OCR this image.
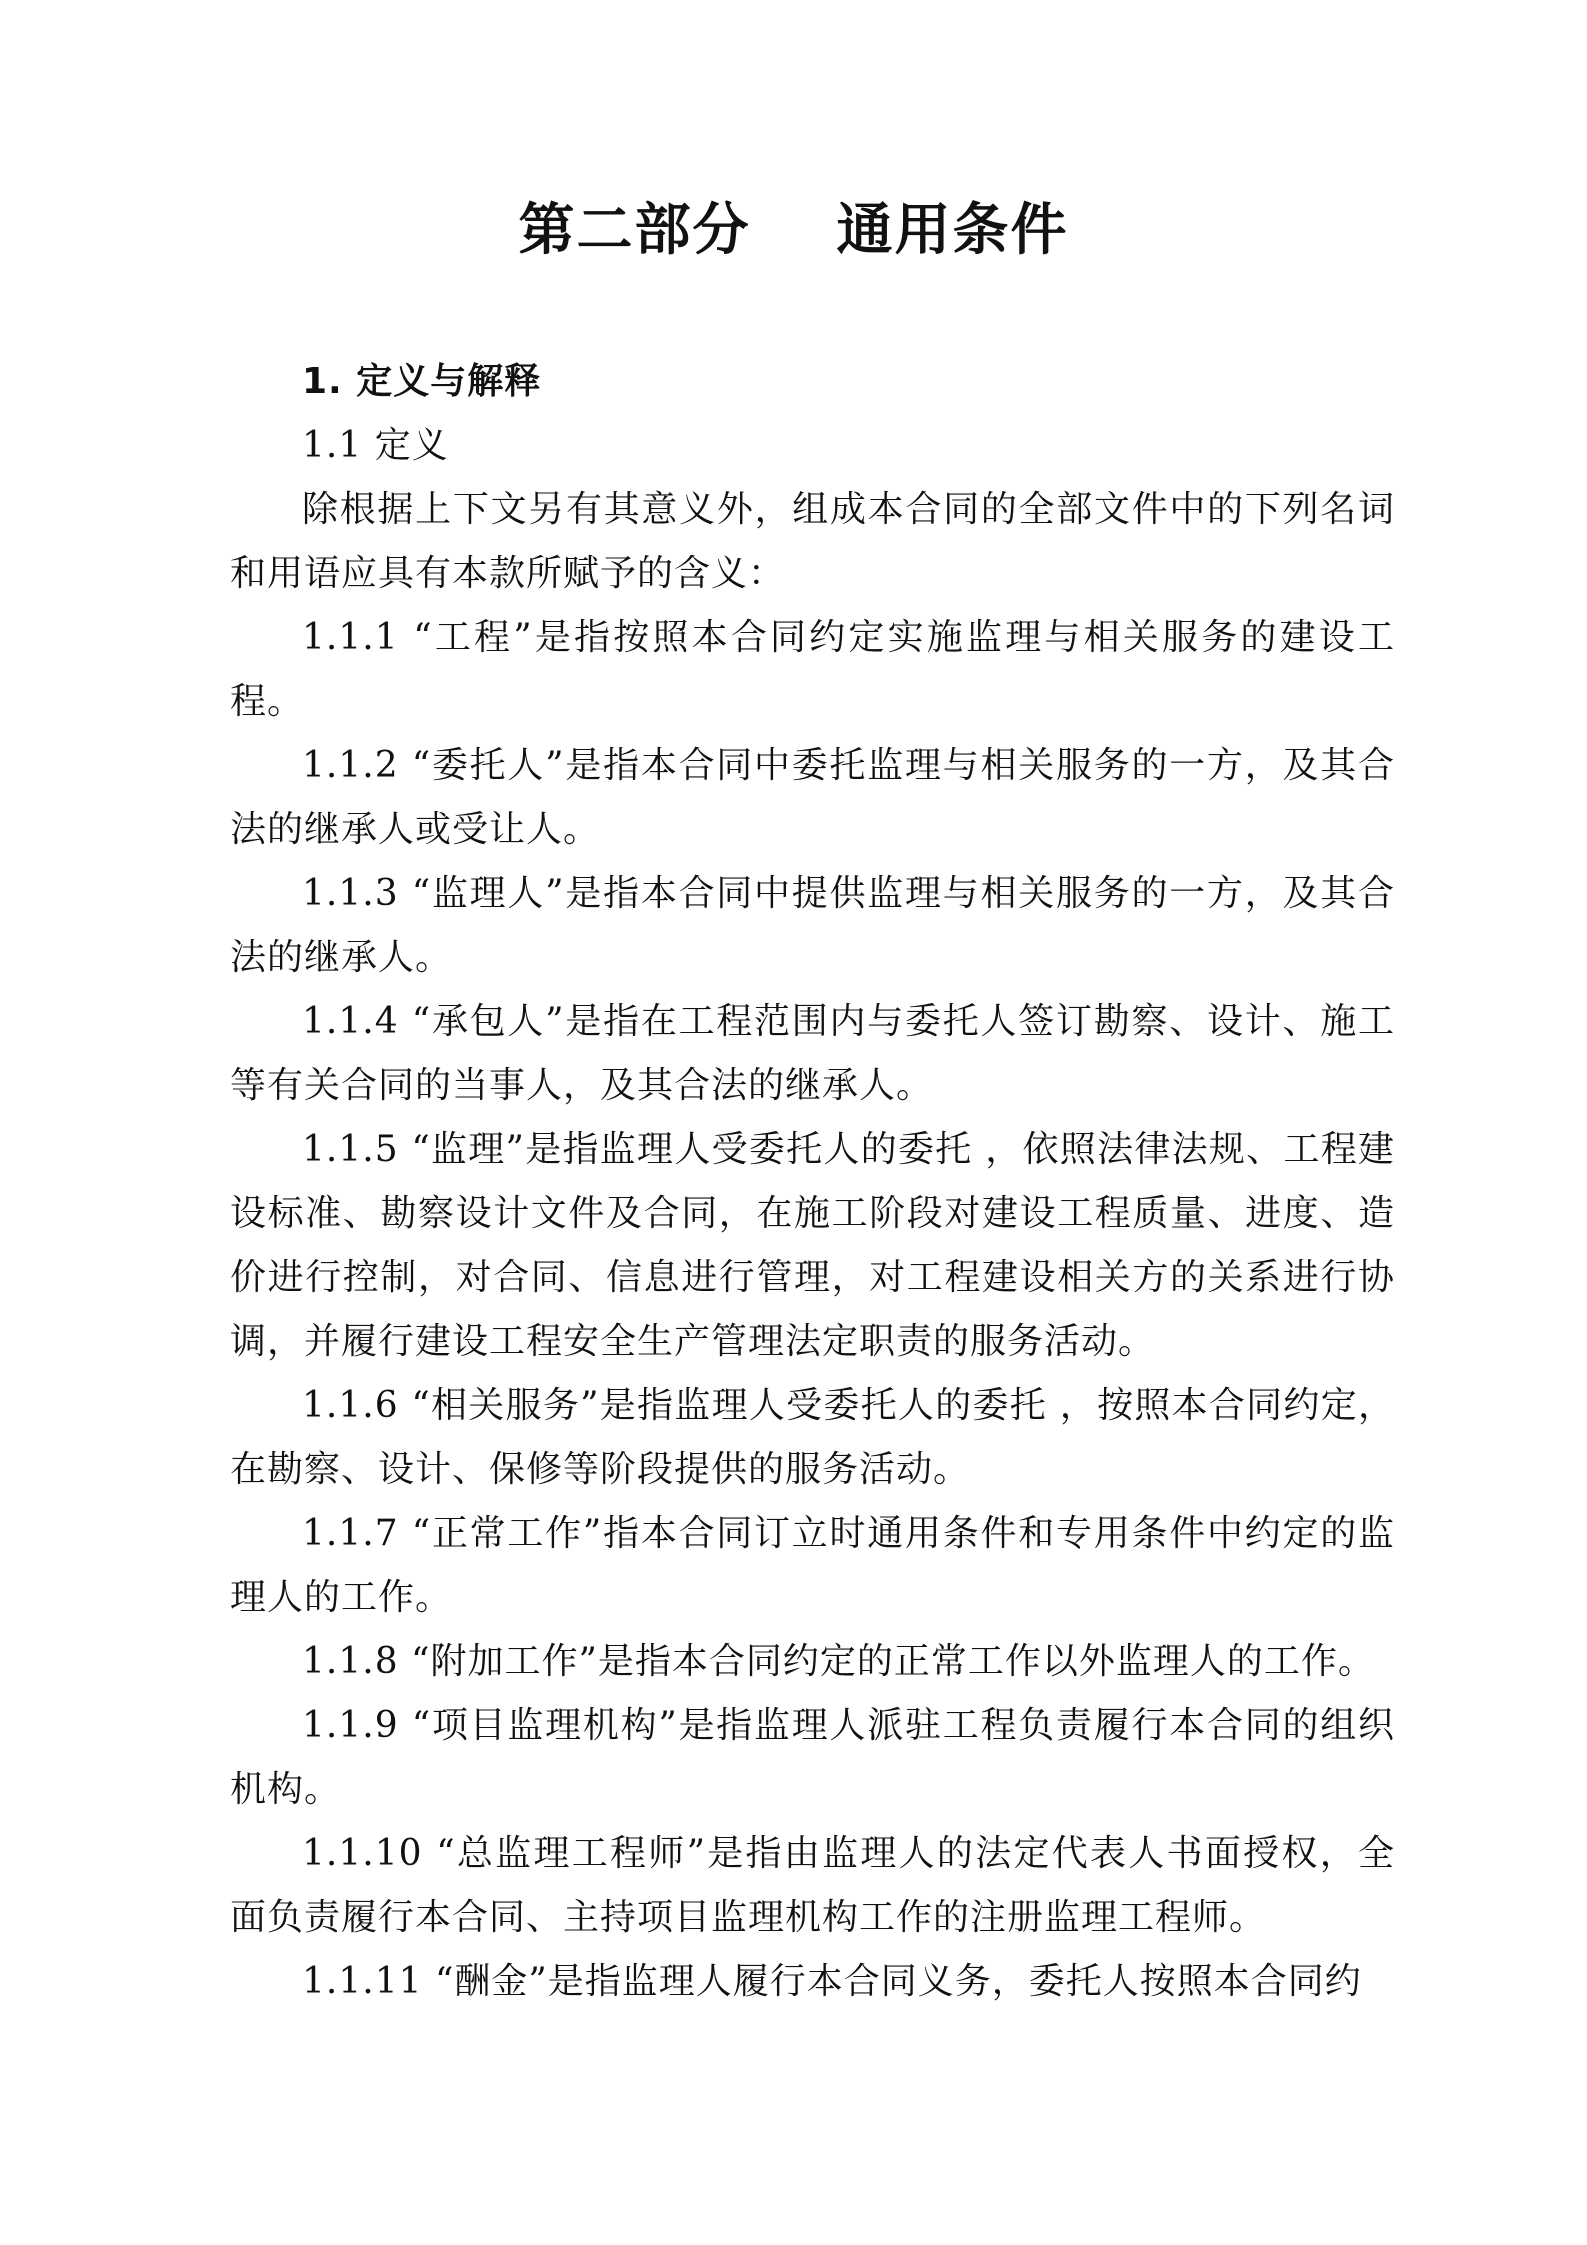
第二部分    通用条件

1. 定义与解释

1.1 定义

除根据上下文另有其意义外，组成本合同的全部文件中的下列名词和用语应具有本款所赋予的含义：

1.1.1 “工程”是指按照本合同约定实施监理与相关服务的建设工程。

1.1.2 “委托人”是指本合同中委托监理与相关服务的一方，及其合法的继承人或受让人。

1.1.3 “监理人”是指本合同中提供监理与相关服务的一方，及其合法的继承人。

1.1.4 “承包人”是指在工程范围内与委托人签订勘察、设计、施工等有关合同的当事人，及其合法的继承人。

1.1.5 “监理”是指监理人受委托人的委托 ，依照法律法规、工程建设标准、勘察设计文件及合同，在施工阶段对建设工程质量、进度、造价进行控制，对合同、信息进行管理，对工程建设相关方的关系进行协调，并履行建设工程安全生产管理法定职责的服务活动。

1.1.6 “相关服务”是指监理人受委托人的委托 ，按照本合同约定，在勘察、设计、保修等阶段提供的服务活动。

1.1.7 “正常工作”指本合同订立时通用条件和专用条件中约定的监理人的工作。

1.1.8 “附加工作”是指本合同约定的正常工作以外监理人的工作。

1.1.9 “项目监理机构”是指监理人派驻工程负责履行本合同的组织机构。

1.1.10 “总监理工程师”是指由监理人的法定代表人书面授权，全面负责履行本合同、主持项目监理机构工作的注册监理工程师。

1.1.11 “酬金”是指监理人履行本合同义务，委托人按照本合同约
